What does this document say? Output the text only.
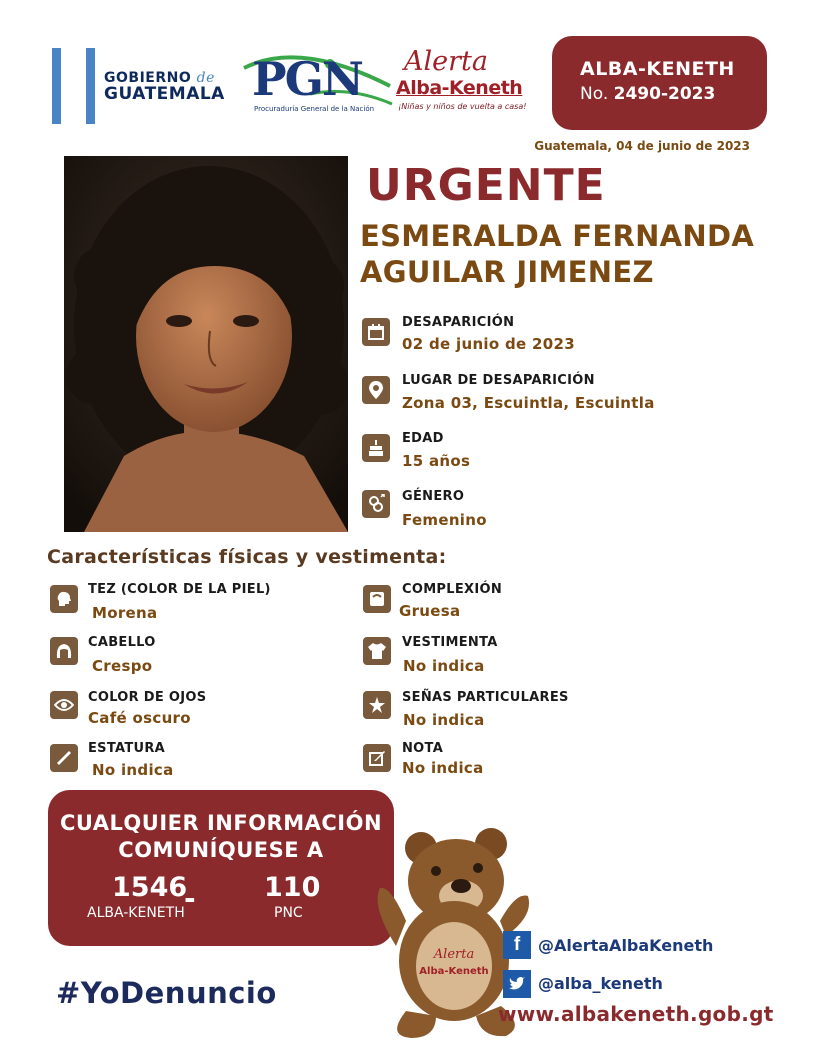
GOBIERNO de
GUATEMALA PGN
Procuraduría General de la Nación
Alerta
Alba-Keneth
¡Niñas y niños de vuelta a casa!
ALBA-KENETH
No. 2490-2023
Guatemala, 04 de junio de 2023
URGENTE
ESMERALDA FERNANDA
AGUILAR JIMENEZ
DESAPARICIÓN
02 de junio de 2023
LUGAR DE DESAPARICIÓN
Zona 03, Escuintla, Escuintla
EDAD
15 años
GÉNERO
Femenino
Características físicas y vestimenta:
TEZ (COLOR DE LA PIEL)
Morena
CABELLO
Crespo
COLOR DE OJOS
Café oscuro
ESTATURA
No indica
COMPLEXIÓN
Gruesa
VESTIMENTA
No indica
SEÑAS PARTICULARES
No indica
NOTA
No indica
CUALQUIER INFORMACIÓN
COMUNÍQUESE A
1546
ALBA-KENETH -	110
PNC
#YoDenuncio
Alerta
Alba-Keneth
f	@AlertaAlbaKeneth
@alba_keneth
www.albakeneth.gob.gt
